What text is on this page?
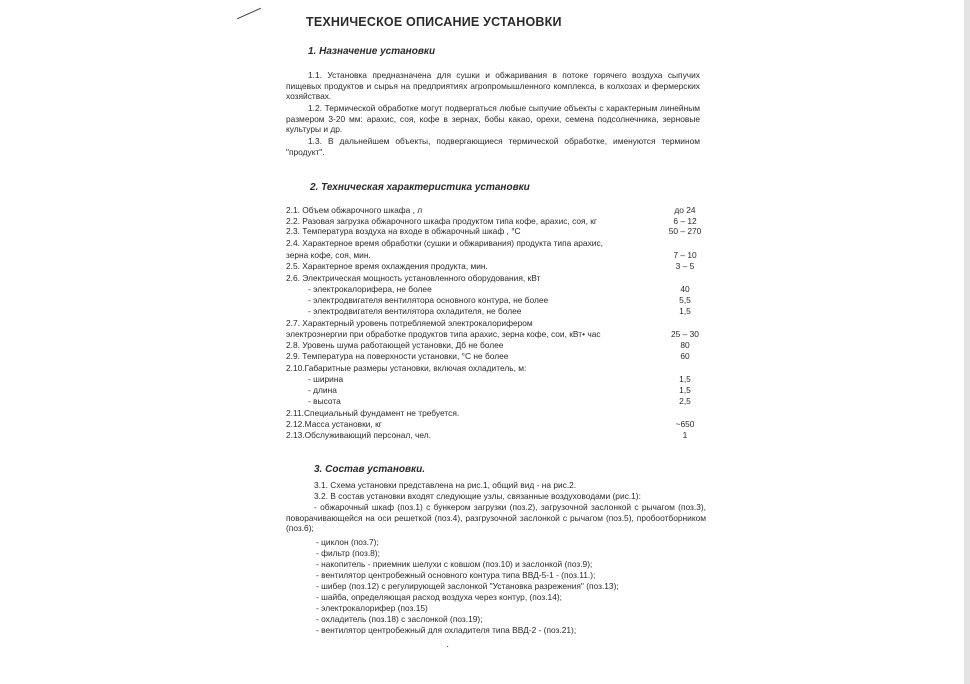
ТЕХНИЧЕСКОЕ ОПИСАНИЕ УСТАНОВКИ
1. Назначение установки
1.1. Установка предназначена для сушки и обжаривания в потоке горячего воздуха сыпучих пищевых продуктов и сырья на предприятиях агропромышленного комплекса, в колхозах и фермерских хозяйствах.
1.2. Термической обработке могут подвергаться любые сыпучие объекты с характерным линейным размером 3-20 мм: арахис, соя, кофе в зернах, бобы какао, орехи, семена подсолнечника, зерновые культуры и др.
1.3. В дальнейшем объекты, подвергающиеся термической обработке, именуются термином "продукт".
2. Техническая характеристика установки
2.1. Объем обжарочного шкафа , л	до 24
2.2. Разовая загрузка обжарочного шкафа продуктом типа кофе, арахис, соя, кг	6 – 12
2.3. Температура воздуха на входе в обжарочный шкаф , °С	50 – 270
2.4. Характерное время обработки (сушки и обжаривания) продукта типа арахис,
зерна кофе, соя, мин.	7 – 10
2.5. Характерное время охлаждения продукта, мин.	3 – 5
2.6. Электрическая мощность установленного оборудования, кВт
- электрокалорифера, не более	40
- электродвигателя вентилятора основного контура, не более	5,5
- электродвигателя вентилятора охладителя, не более	1,5
2.7. Характерный уровень потребляемой электрокалорифером
электроэнергии при обработке продуктов типа арахис, зерна кофе, сои, кВт• час	25 – 30
2.8. Уровень шума работающей установки, Дб не более	80
2.9. Температура на поверхности установки, °С не более	60
2.10.Габаритные размеры установки, включая охладитель, м:
- ширина	1,5
- длина	1,5
- высота	2,5
2.11.Специальный фундамент не требуется.
2.12.Масса установки, кг	~650
2.13.Обслуживающий персонал, чел.	1
3. Состав установки.
3.1. Схема установки представлена на рис.1, общий вид - на рис.2.
3.2. В состав установки входят следующие узлы, связанные воздуховодами (рис.1):
- обжарочный шкаф (поз.1) с бункером загрузки (поз.2), загрузочной заслонкой с рычагом (поз.3), поворачивающейся на оси решеткой (поз.4), разгрузочной заслонкой с рычагом (поз.5), пробоотборником (поз.6);
- циклон (поз.7);
- фильтр (поз.8);
- накопитель - приемник шелухи с ковшом (поз.10) и заслонкой (поз.9);
- вентилятор центробежный основного контура типа ВВД-5-1 - (поз.11.);
- шибер (поз.12) с регулирующей заслонкой "Установка разрежения" (поз.13);
- шайба, определяющая расход воздуха через контур, (поз.14);
- электрокалорифер (поз.15)
- охладитель (поз.18) с заслонкой (поз.19);
- вентилятор центробежный для охладителя типа ВВД-2 - (поз.21);
·
